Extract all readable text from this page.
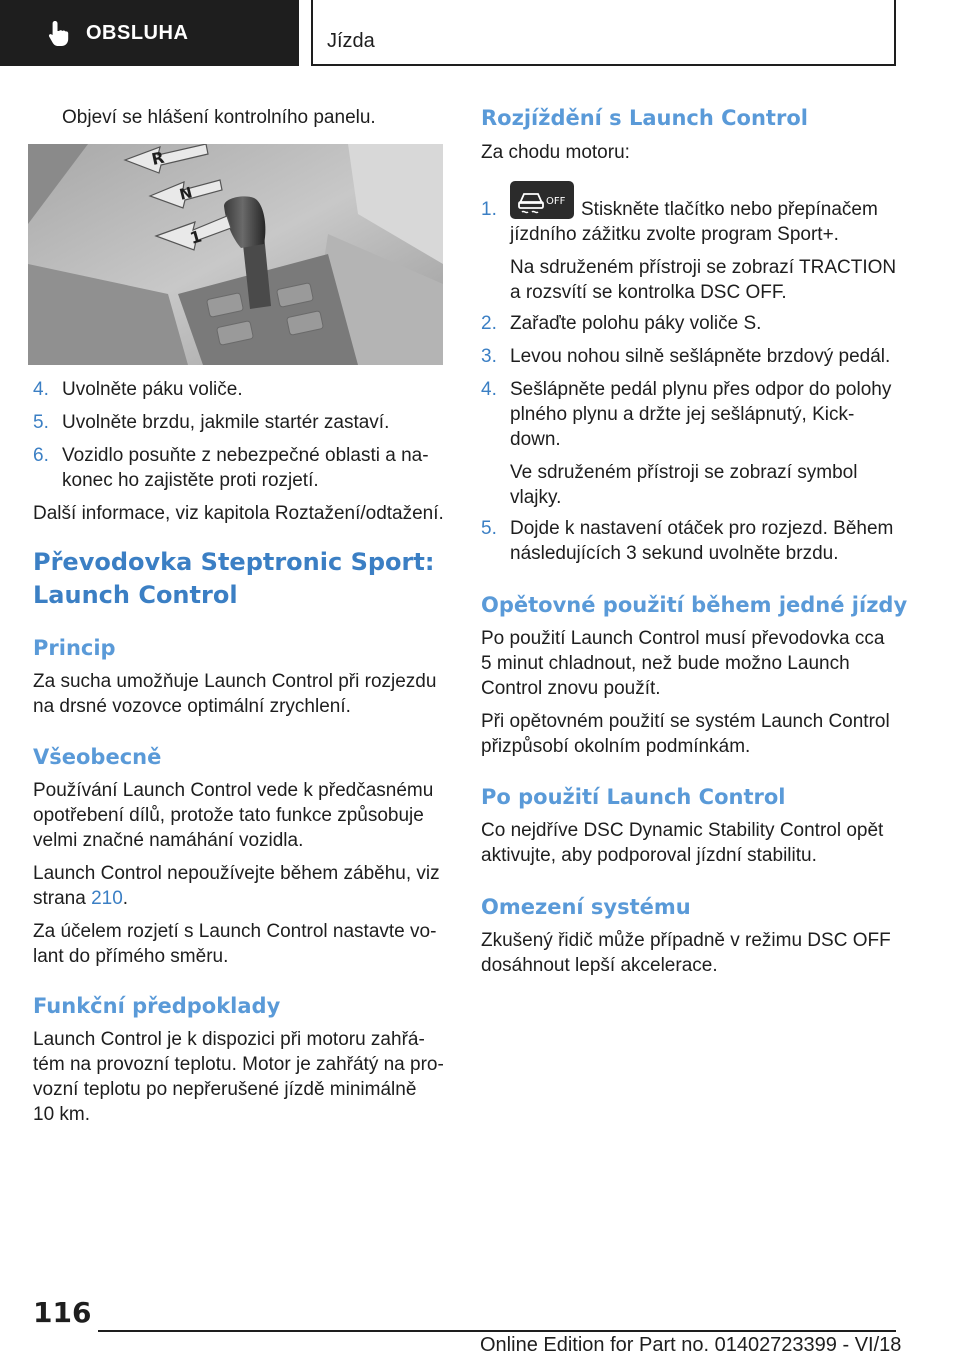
OBSLUHA	Jízda
Objeví se hlášení kontrolního panelu.
R
N
1
4. Uvolněte páku voliče.
5. Uvolněte brzdu, jakmile startér zastaví.
6. Vozidlo posuňte z nebezpečné oblasti a na-
konec ho zajistěte proti rozjetí.
Další informace, viz kapitola Roztažení/odtažení.
Převodovka Steptronic Sport:
Launch Control
Princip
Za sucha umožňuje Launch Control při rozjezdu
na drsné vozovce optimální zrychlení.
Všeobecně
Používání Launch Control vede k předčasnému
opotřebení dílů, protože tato funkce způsobuje
velmi značné namáhání vozidla.
Launch Control nepoužívejte během záběhu, viz
strana 210.
Za účelem rozjetí s Launch Control nastavte vo-
lant do přímého směru.
Funkční předpoklady
Launch Control je k dispozici při motoru zahřá-
tém na provozní teplotu. Motor je zahřátý na pro-
vozní teplotu po nepřerušené jízdě minimálně
10 km.
Rozjíždění s Launch Control
Za chodu motoru:
1.	OFF Stiskněte tlačítko nebo přepínačem
jízdního zážitku zvolte program Sport+.
Na sdruženém přístroji se zobrazí TRACTION
a rozsvítí se kontrolka DSC OFF.
2. Zařaďte polohu páky voliče S.
3. Levou nohou silně sešlápněte brzdový pedál.
4. Sešlápněte pedál plynu přes odpor do polohy
plného plynu a držte jej sešlápnutý, Kick-
down.
Ve sdruženém přístroji se zobrazí symbol
vlajky.
5. Dojde k nastavení otáček pro rozjezd. Během
následujících 3 sekund uvolněte brzdu.
Opětovné použití během jedné jízdy
Po použití Launch Control musí převodovka cca
5 minut chladnout, než bude možno Launch
Control znovu použít.
Při opětovném použití se systém Launch Control
přizpůsobí okolním podmínkám.
Po použití Launch Control
Co nejdříve DSC Dynamic Stability Control opět
aktivujte, aby podporoval jízdní stabilitu.
Omezení systému
Zkušený řidič může případně v režimu DSC OFF
dosáhnout lepší akcelerace.
116
Online Edition for Part no. 01402723399 - VI/18
